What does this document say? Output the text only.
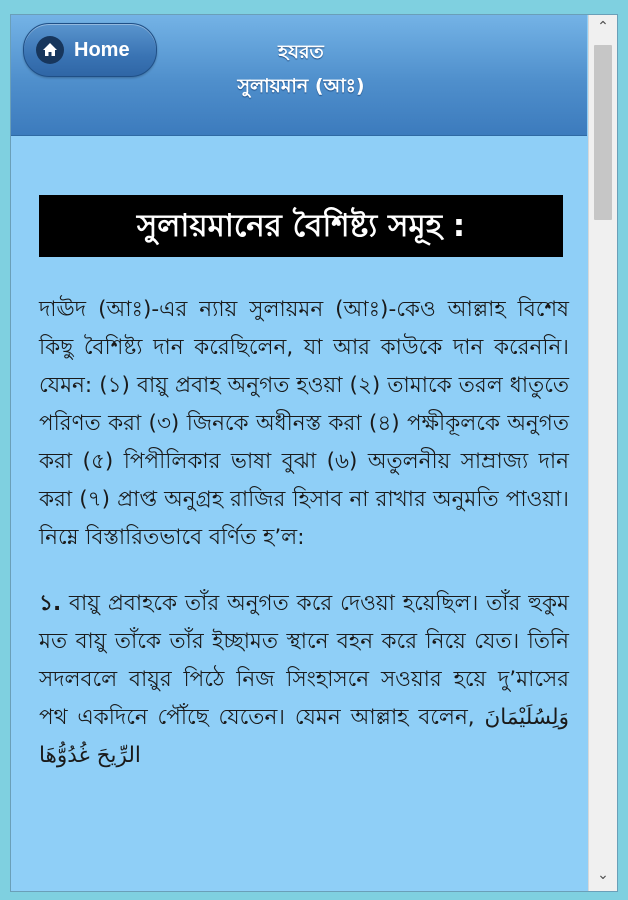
Home	হযরত
সুলায়মান (আঃ)
সুলায়মানের বৈশিষ্ট্য সমূহ :

দাঊদ (আঃ)-এর ন্যায় সুলায়মন (আঃ)-কেও আল্লাহ বিশেষ কিছু বৈশিষ্ট্য দান করেছিলেন, যা আর কাউকে দান করেননি। যেমন: (১) বায়ু প্রবাহ অনুগত হওয়া (২) তামাকে তরল ধাতুতে পরিণত করা (৩) জিনকে অধীনস্ত করা (৪) পক্ষীকূলকে অনুগত করা (৫) পিপীলিকার ভাষা বুঝা (৬) অতুলনীয় সাম্রাজ্য দান করা (৭) প্রাপ্ত অনুগ্রহ রাজির হিসাব না রাখার অনুমতি পাওয়া। নিম্নে বিস্তারিতভাবে বর্ণিত হ’ল:

১. বায়ু প্রবাহকে তাঁর অনুগত করে দেওয়া হয়েছিল। তাঁর হুকুম মত বায়ু তাঁকে তাঁর ইচ্ছামত স্থানে বহন করে নিয়ে যেত। তিনি সদলবলে বায়ুর পিঠে নিজ সিংহাসনে সওয়ার হয়ে দু’মাসের পথ একদিনে পৌঁছে যেতেন। যেমন আল্লাহ বলেন, وَلِسُلَيْمَانَ الرِّيحَ غُدُوُّهَا

⌃
⌄
